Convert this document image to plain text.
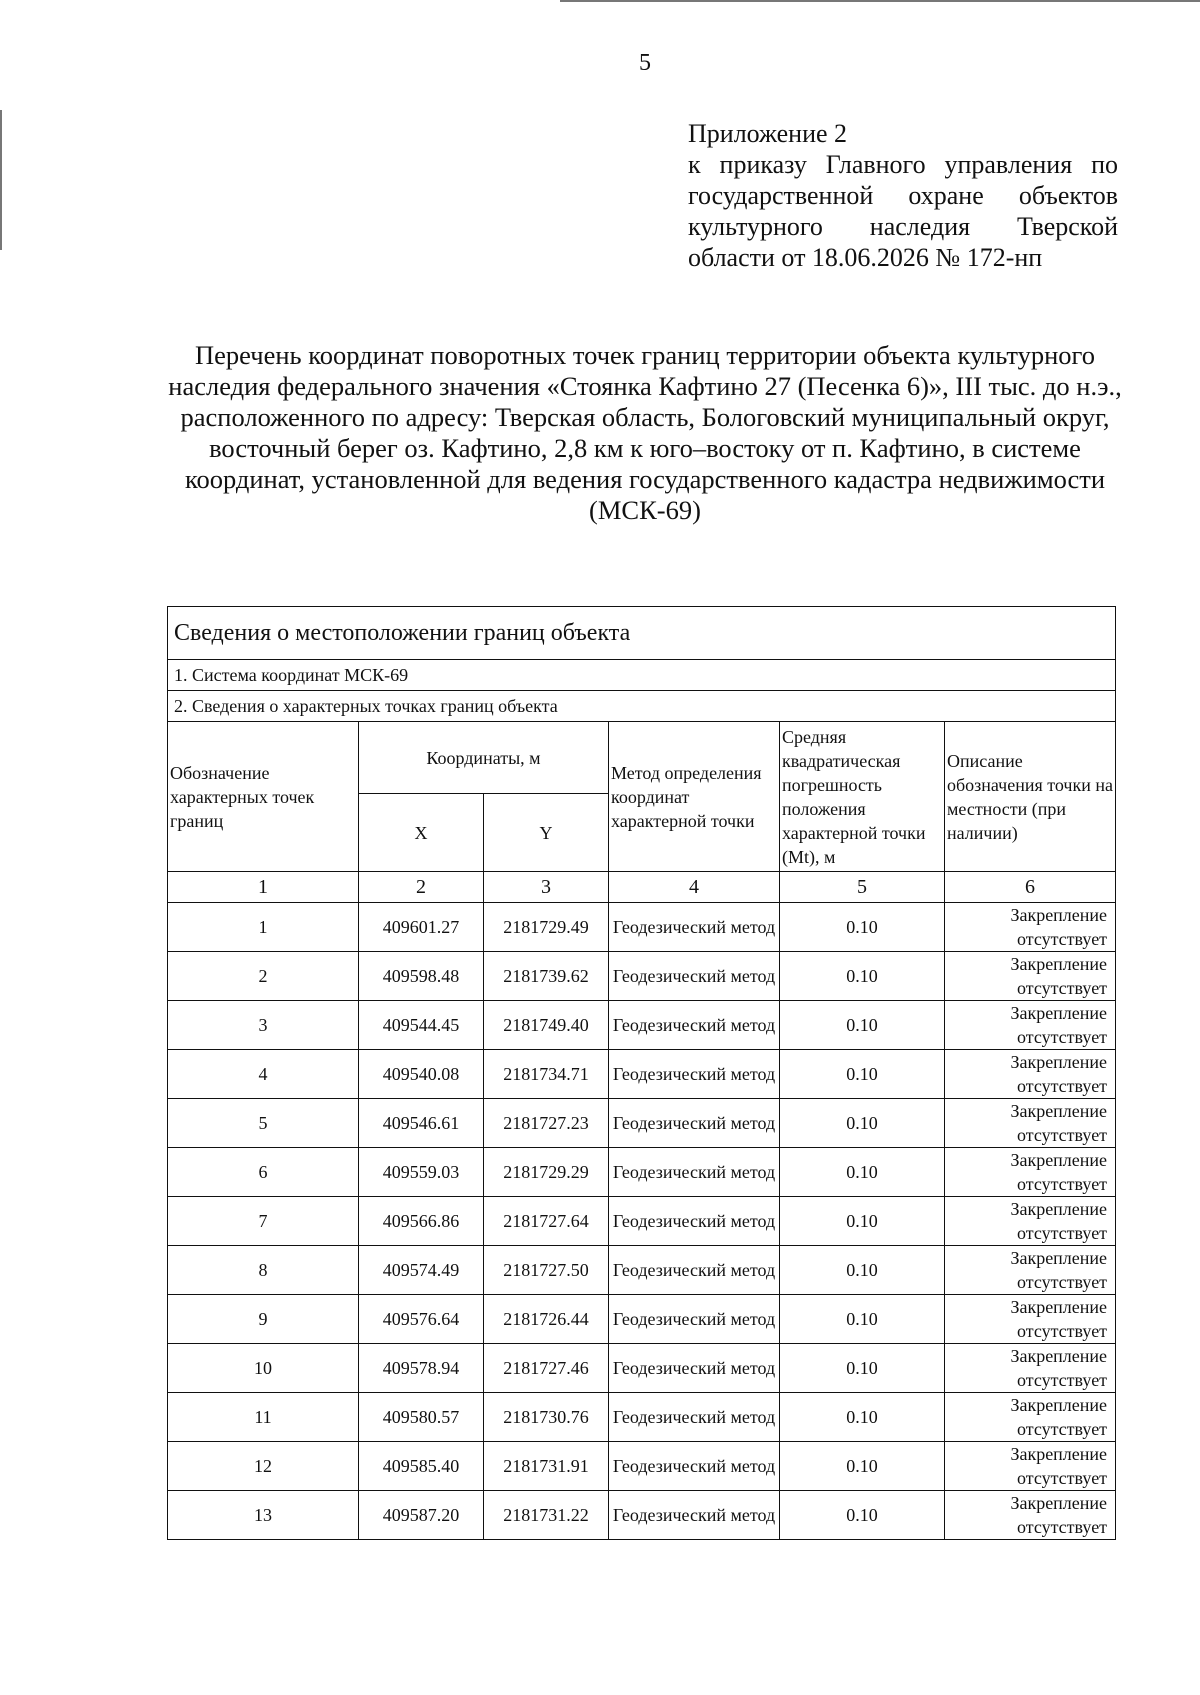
5
Приложение 2
к приказу Главного управления по государственной охране объектов культурного наследия Тверской области от 18.06.2026 № 172-нп
Перечень координат поворотных точек границ территории объекта культурного наследия федерального значения «Стоянка Кафтино 27 (Песенка 6)», III тыс. до н.э., расположенного по адресу: Тверская область, Бологовский муниципальный округ, восточный берег оз. Кафтино, 2,8 км к юго–востоку от п. Кафтино, в системе координат, установленной для ведения государственного кадастра недвижимости (МСК-69)
Сведения о местоположении границ объекта					
1. Система координат МСК-69					
2. Сведения о характерных точках границ объекта					
Обозначение характерных точек границ	Координаты, м		Метод определения координат характерной точки	Средняя квадратическая погрешность положения характерной точки (Mt), м	Описание обозначения точки на местности (при наличии)
	X	Y			
1	2	3	4	5	6
1	409601.27	2181729.49	Геодезический метод	0.10	Закрепление отсутствует
2	409598.48	2181739.62	Геодезический метод	0.10	Закрепление отсутствует
3	409544.45	2181749.40	Геодезический метод	0.10	Закрепление отсутствует
4	409540.08	2181734.71	Геодезический метод	0.10	Закрепление отсутствует
5	409546.61	2181727.23	Геодезический метод	0.10	Закрепление отсутствует
6	409559.03	2181729.29	Геодезический метод	0.10	Закрепление отсутствует
7	409566.86	2181727.64	Геодезический метод	0.10	Закрепление отсутствует
8	409574.49	2181727.50	Геодезический метод	0.10	Закрепление отсутствует
9	409576.64	2181726.44	Геодезический метод	0.10	Закрепление отсутствует
10	409578.94	2181727.46	Геодезический метод	0.10	Закрепление отсутствует
11	409580.57	2181730.76	Геодезический метод	0.10	Закрепление отсутствует
12	409585.40	2181731.91	Геодезический метод	0.10	Закрепление отсутствует
13	409587.20	2181731.22	Геодезический метод	0.10	Закрепление отсутствует
